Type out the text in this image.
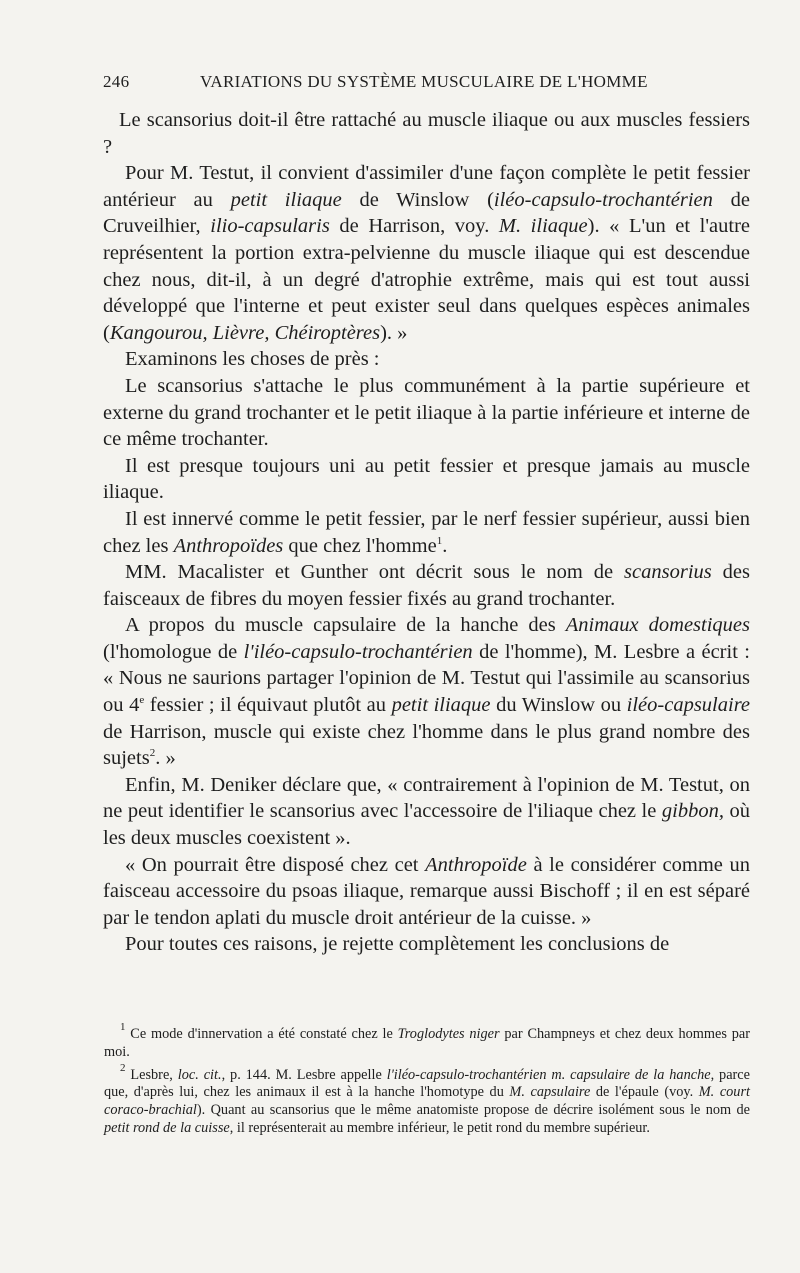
246	VARIATIONS DU SYSTÈME MUSCULAIRE DE L'HOMME

Le scansorius doit-il être rattaché au muscle iliaque ou aux muscles fessiers ?

Pour M. Testut, il convient d'assimiler d'une façon complète le petit fessier antérieur au petit iliaque de Winslow (iléo-capsulo-trochantérien de Cruveilhier, ilio-capsularis de Harrison, voy. M. iliaque). « L'un et l'autre représentent la portion extra-pelvienne du muscle iliaque qui est descendue chez nous, dit-il, à un degré d'atrophie extrême, mais qui est tout aussi développé que l'interne et peut exister seul dans quelques espèces animales (Kangourou, Lièvre, Chéiroptères). »

Examinons les choses de près :

Le scansorius s'attache le plus communément à la partie supérieure et externe du grand trochanter et le petit iliaque à la partie inférieure et interne de ce même trochanter.

Il est presque toujours uni au petit fessier et presque jamais au muscle iliaque.

Il est innervé comme le petit fessier, par le nerf fessier supérieur, aussi bien chez les Anthropoïdes que chez l'homme$^1$.

MM. Macalister et Gunther ont décrit sous le nom de scansorius des faisceaux de fibres du moyen fessier fixés au grand trochanter.

A propos du muscle capsulaire de la hanche des Animaux domestiques (l'homologue de l'iléo-capsulo-trochantérien de l'homme), M. Lesbre a écrit : « Nous ne saurions partager l'opinion de M. Testut qui l'assimile au scansorius ou 4e fessier ; il équivaut plutôt au petit iliaque du Winslow ou iléo-capsulaire de Harrison, muscle qui existe chez l'homme dans le plus grand nombre des sujets$^2$. »

Enfin, M. Deniker déclare que, « contrairement à l'opinion de M. Testut, on ne peut identifier le scansorius avec l'accessoire de l'iliaque chez le gibbon, où les deux muscles coexistent ».

« On pourrait être disposé chez cet Anthropoïde à le considérer comme un faisceau accessoire du psoas iliaque, remarque aussi Bischoff ; il en est séparé par le tendon aplati du muscle droit antérieur de la cuisse. »

Pour toutes ces raisons, je rejette complètement les conclusions de

$^1$ Ce mode d'innervation a été constaté chez le Troglodytes niger par Champneys et chez deux hommes par moi.

$^2$ Lesbre, loc. cit., p. 144. M. Lesbre appelle l'iléo-capsulo-trochantérien m. capsulaire de la hanche, parce que, d'après lui, chez les animaux il est à la hanche l'homotype du M. capsulaire de l'épaule (voy. M. court coraco-brachial). Quant au scansorius que le même anatomiste propose de décrire isolément sous le nom de petit rond de la cuisse, il représenterait au membre inférieur, le petit rond du membre supérieur.
